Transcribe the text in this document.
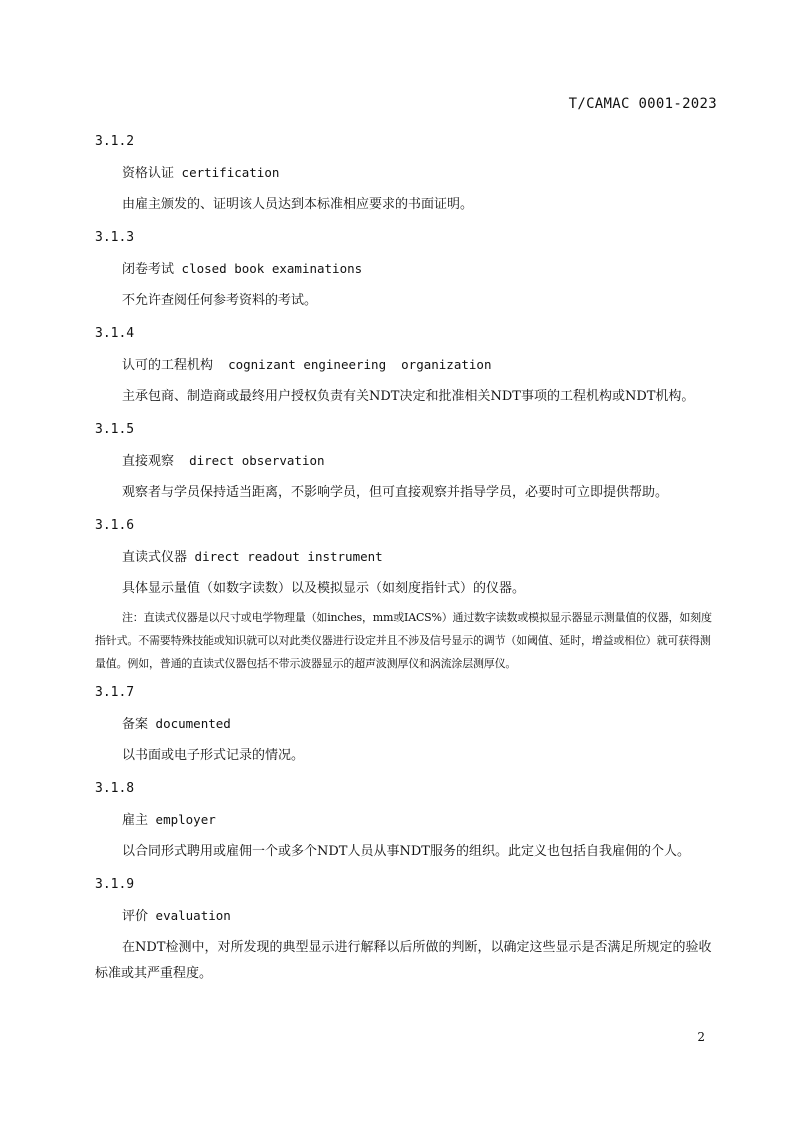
T/CAMAC 0001-2023
3.1.2
资格认证 certification
由雇主颁发的、证明该人员达到本标准相应要求的书面证明。
3.1.3
闭卷考试 closed book examinations
不允许查阅任何参考资料的考试。
3.1.4
认可的工程机构  cognizant engineering  organization
主承包商、制造商或最终用户授权负责有关NDT决定和批准相关NDT事项的工程机构或NDT机构。
3.1.5
直接观察  direct observation
观察者与学员保持适当距离，不影响学员，但可直接观察并指导学员，必要时可立即提供帮助。
3.1.6
直读式仪器 direct readout instrument
具体显示量值（如数字读数）以及模拟显示（如刻度指针式）的仪器。
注：直读式仪器是以尺寸或电学物理量（如inches，mm或IACS%）通过数字读数或模拟显示器显示测量值的仪器，如刻度指针式。不需要特殊技能或知识就可以对此类仪器进行设定并且不涉及信号显示的调节（如阈值、延时，增益或相位）就可获得测量值。例如，普通的直读式仪器包括不带示波器显示的超声波测厚仪和涡流涂层测厚仪。
3.1.7
备案 documented
以书面或电子形式记录的情况。
3.1.8
雇主 employer
以合同形式聘用或雇佣一个或多个NDT人员从事NDT服务的组织。此定义也包括自我雇佣的个人。
3.1.9
评价 evaluation
在NDT检测中，对所发现的典型显示进行解释以后所做的判断，以确定这些显示是否满足所规定的验收标准或其严重程度。
2
